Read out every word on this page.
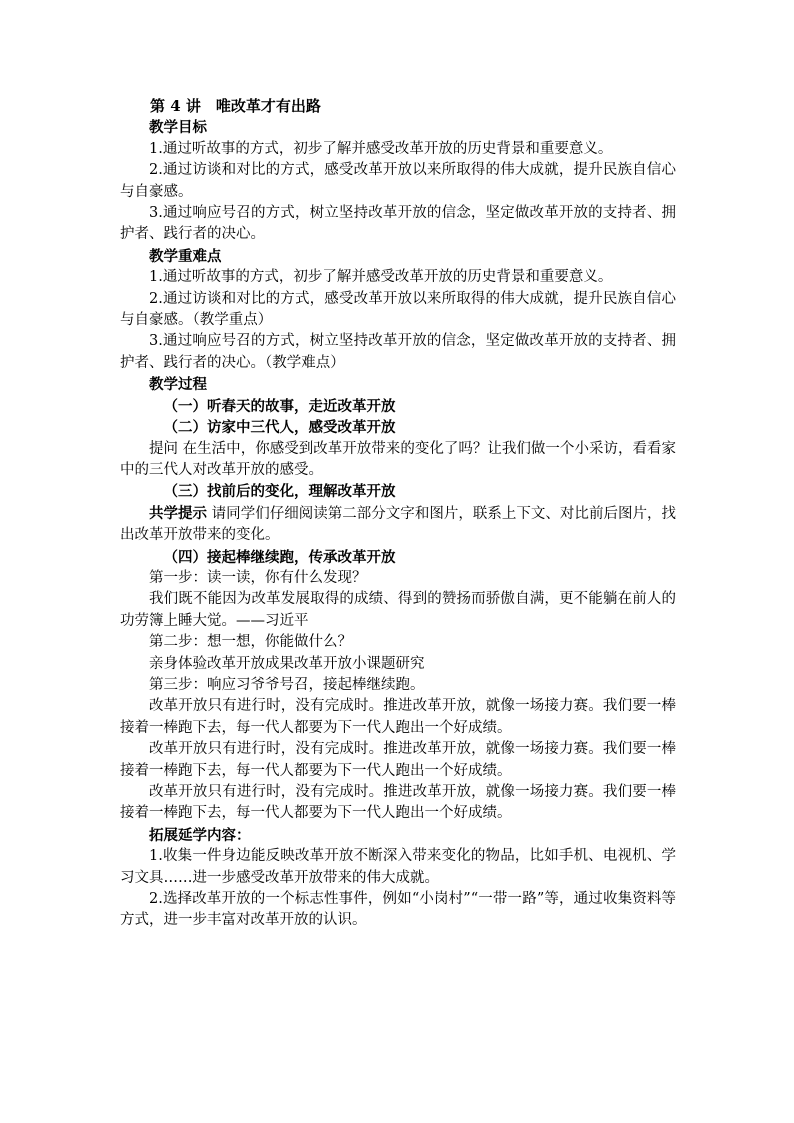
第 4 讲　唯改革才有出路

教学目标

1.通过听故事的方式，初步了解并感受改革开放的历史背景和重要意义。

2.通过访谈和对比的方式，感受改革开放以来所取得的伟大成就，提升民族自信心与自豪感。

3.通过响应号召的方式，树立坚持改革开放的信念，坚定做改革开放的支持者、拥护者、践行者的决心。

教学重难点

1.通过听故事的方式，初步了解并感受改革开放的历史背景和重要意义。

2.通过访谈和对比的方式，感受改革开放以来所取得的伟大成就，提升民族自信心与自豪感。（教学重点）

3.通过响应号召的方式，树立坚持改革开放的信念，坚定做改革开放的支持者、拥护者、践行者的决心。（教学难点）

教学过程

（一）听春天的故事，走近改革开放

（二）访家中三代人，感受改革开放

提问 在生活中，你感受到改革开放带来的变化了吗？让我们做一个小采访，看看家中的三代人对改革开放的感受。

（三）找前后的变化，理解改革开放

共学提示 请同学们仔细阅读第二部分文字和图片，联系上下文、对比前后图片，找出改革开放带来的变化。

（四）接起棒继续跑，传承改革开放

第一步：读一读，你有什么发现？

我们既不能因为改革发展取得的成绩、得到的赞扬而骄傲自满，更不能躺在前人的功劳簿上睡大觉。——习近平

第二步：想一想，你能做什么？

亲身体验改革开放成果改革开放小课题研究

第三步：响应习爷爷号召，接起棒继续跑。

改革开放只有进行时，没有完成时。推进改革开放，就像一场接力赛。我们要一棒接着一棒跑下去，每一代人都要为下一代人跑出一个好成绩。

改革开放只有进行时，没有完成时。推进改革开放，就像一场接力赛。我们要一棒接着一棒跑下去，每一代人都要为下一代人跑出一个好成绩。

改革开放只有进行时，没有完成时。推进改革开放，就像一场接力赛。我们要一棒接着一棒跑下去，每一代人都要为下一代人跑出一个好成绩。

拓展延学内容：

1.收集一件身边能反映改革开放不断深入带来变化的物品，比如手机、电视机、学习文具……进一步感受改革开放带来的伟大成就。

2.选择改革开放的一个标志性事件，例如“小岗村”“一带一路”等，通过收集资料等方式，进一步丰富对改革开放的认识。
